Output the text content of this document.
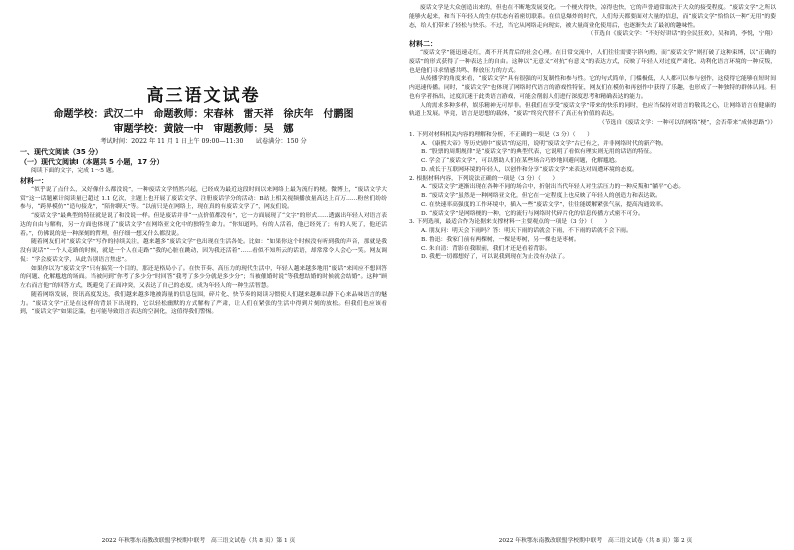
高三语文试卷
命题学校：武汉二中　命题教师：宋春林　雷天祥　徐庆年　付鹏图
审题学校：黄陂一中　审题教师：吴　娜
考试时间：2022 年 11 月 1 日上午 09:00—11:30　　试卷满分：150 分
一、现代文阅读（35 分）
（一）现代文阅读Ⅰ（本题共 5 小题，17 分）

阅读下面的文字，完成 1～5 题。

材料一：

“似乎说了点什么，又好像什么都没说”，一种废话文学悄然兴起，已经成为最近这段时间以来网络上最为流行的梗。微博上，“废话文学大赏”这一话题累计阅读量已超过 1.1 亿次，主题上也开展了废话文学、注册废话学分的活动：B站上相关视频播放量高达上百万……粉丝们纷纷参与，“跨界模仿”“造句接龙”，“陪你聊天”等。“以前只是在网络上，现在真的有废话文学了”，网友们说。

“废话文学”最典型的特征就是说了和没说一样。但是废话并非“一点价值都没有”，它一方面展现了“文字”的形式……透露出年轻人对语言表达的自由与解构，另一方面也体现了“废话文学”在网络亚文化中的独特生命力。“你知道吗，有的人活着，他已经死了；有的人死了，他还活着。”，仿佛说的是一种深刻的哲理，但仔细一想又什么都没说。

随着网友们对“废话文学”写作的持续关注，越来越多“废话文学”也出现在生活各处。比如：“如果你这个时候没有听到我的声音，那就是我没有说话”“一个人走路的时候，就是一个人在走路”“我的心脏在跳动，因为我还活着”……看似不知所云的话语，却常常令人会心一笑。网友调侃：“学会废话文学，从此告别语言焦虑”。

如果你以为“废话文学”只有搞笑一个目的，那还是格局小了。在快节奏、高压力的现代生活中，年轻人越来越多地用“废话”来回应不想回答的问题、化解尴尬的场面。当被问到“你考了多少分”时回答“我考了多少分就是多少分”；当被催婚时说“等我想结婚的时候就会结婚”。这种“顾左右而言他”的回答方式，既避免了正面冲突，又表达了自己的态度，成为年轻人的一种生活智慧。

随着网络发展，资讯高度发达，我们越来越多地被海量的信息包围，碎片化、快节奏的阅读习惯使人们越来越难以静下心来品味语言的魅力。“废话文学”正是在这样的背景下出现的，它以轻松幽默的方式解构了严肃，让人们在紧张的生活中得到片刻的放松。但我们也应该看到，“废话文学”如果泛滥，也可能导致语言表达的空洞化，这值得我们警惕。

2022 年秋鄂东南教改联盟学校期中联考　高三语文试卷（共 8 页）第 1 页

废话文学是大众创造出来的，但也在不断地发展变化。一个梗火得快，凉得也快，它的声誉通常取决于大众的接受程度。“废话文学”之所以能够火起来，和当下年轻人的生存状态有着密切联系。在信息爆炸的时代，人们每天都要面对大量的信息，而“废话文学”恰恰以一种“无用”的姿态，给人们带来了轻松与快乐。不过，当它从网络走向现实，被大量商业化使用后，也逐渐失去了最初的趣味性。

（节选自《废话文学：“不好好讲话”的全民狂欢》，吴和鸿，李悦，宁翔）

材料二：

“废话文学”能迅速走红，离不开其背后的社会心理。在日常交流中，人们往往需要字斟句酌，而“废话文学”则打破了这种束缚，以“正确的废话”的形式获得了一种表达上的自由。这种以“无意义”对抗“有意义”的表达方式，反映了年轻人对过度严肃化、功利化语言环境的一种反叛，也是他们寻求情感共鸣、释放压力的方式。

从传播学的角度来看，“废话文学”具有很强的可复制性和参与性。它的句式简单，门槛极低，人人都可以参与创作，这使得它能够在短时间内迅速传播。同时，“废话文学”也体现了网络时代语言的游戏性特征，网友们在模仿和再创作中获得了乐趣，也形成了一种独特的群体认同。但也有学者指出，过度沉迷于此类语言游戏，可能会削弱人们进行深度思考和精确表达的能力。

人的需求多种多样，娱乐精神无可厚非。但我们在享受“废话文学”带来的快乐的同时，也应当保持对语言的敬畏之心，让网络语言在健康的轨道上发展。毕竟，语言是思想的载体，“废话”终究代替不了真正有价值的表达。

（节选自《废话文学：一种可以的网络“梗”，会否带来“成体思路”》）

1. 下列对材料相关内容的理解和分析，不正确的一项是（3 分）（　　）

A. 《康熙大帝》等历史剧中“废话”的运用，说明“废话文学”古已有之，并非网络时代的新产物。

B. “股票的周期规律”是“废话文学”的典型代表，它说明了看似有理实则无用的话语的特征。

C. 学会了“废话文学”，可以帮助人们在某些场合巧妙地回避问题，化解尴尬。

D. 成长于互联网环境的年轻人，以创作和分享“废话文学”来表达对周遭环境的态度。

2. 根据材料内容，下列说法正确的一项是（3 分）（　　）

A. “废话文学”逐渐出现在各种不同的场合中，折射出当代年轻人对生活压力的一种反叛和“躺平”心态。

B. “废话文学”虽然是一种网络亚文化，但它在一定程度上也反映了年轻人的创造力和表达欲。

C. 在快速率高强度的工作环境中，插入一些“废话文学”，往往能缓解紧张气氛，提高沟通效率。

D. “废话文学”是网络梗的一种，它的流行与网络时代碎片化的信息传播方式密不可分。

3. 下列选项，最适合作为论据来支撑材料一主要观点的一项是（3 分）（　　）

A. 朋友问：明天会下雨吗？答：明天下雨的话就会下雨，不下雨的话就不会下雨。

B. 鲁迅：我家门前有两棵树，一棵是枣树，另一棵也是枣树。

C. 朱自清：背影在我眼前，我们才还是看着背影。

D. 我把一切都想好了，可以说我到现在为止没有办法了。

2022 年秋鄂东南教改联盟学校期中联考　高三语文试卷（共 8 页）第 2 页
